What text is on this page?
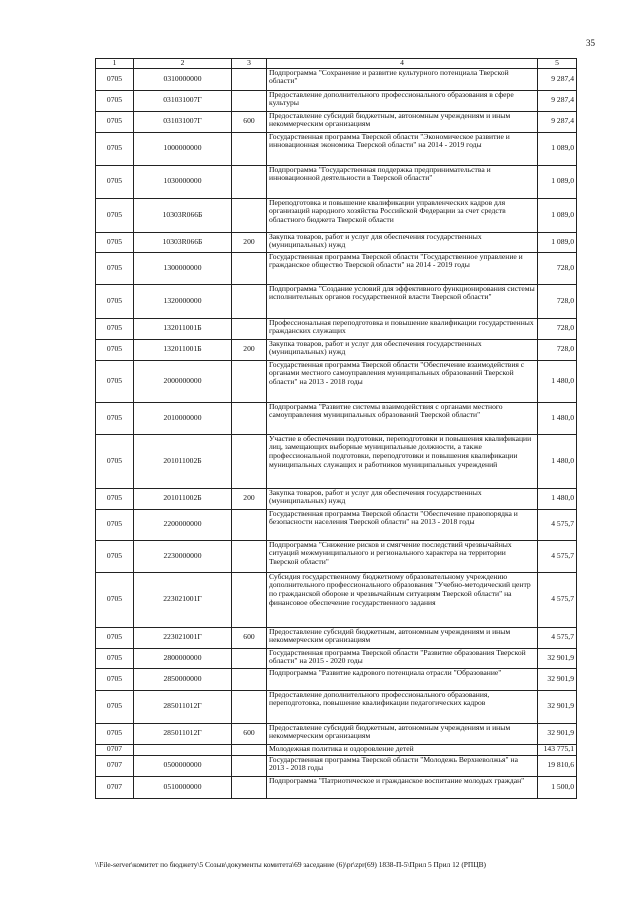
35
1	2	3	4	5
0705	0310000000		Подпрограмма "Сохранение и развитие культурного потенциала Тверской области"	9 287,4
0705	031031007Г		Предоставление дополнительного профессионального образования в сфере культуры	9 287,4
0705	031031007Г	600	Предоставление субсидий бюджетным, автономным учреждениям и иным некоммерческим организациям	9 287,4
0705	1000000000		Государственная программа Тверской области "Экономическое развитие и инновационная экономика Тверской области" на 2014 - 2019 годы	1 089,0
0705	1030000000		Подпрограмма "Государственная поддержка предпринимательства и инновационной деятельности в Тверской области"	1 089,0
0705	10303R066Б		Переподготовка и повышение квалификации управленческих кадров для организаций народного хозяйства Российской Федерации за счет средств областного бюджета Тверской области	1 089,0
0705	10303R066Б	200	Закупка товаров, работ и услуг для обеспечения государственных (муниципальных) нужд	1 089,0
0705	1300000000		Государственная программа Тверской области "Государственное управление и гражданское общество Тверской области" на 2014 - 2019 годы	728,0
0705	1320000000		Подпрограмма "Создание условий для эффективного функционирования системы исполнительных органов государственной власти Тверской области"	728,0
0705	132011001Б		Профессиональная переподготовка и повышение квалификации государственных гражданских служащих	728,0
0705	132011001Б	200	Закупка товаров, работ и услуг для обеспечения государственных (муниципальных) нужд	728,0
0705	2000000000		Государственная программа Тверской области "Обеспечение взаимодействия с органами местного самоуправления муниципальных образований Тверской области" на 2013 - 2018 годы	1 480,0
0705	2010000000		Подпрограмма "Развитие системы взаимодействия с органами местного самоуправления муниципальных образований Тверской области"	1 480,0
0705	201011002Б		Участие в обеспечении подготовки, переподготовки и повышения квалификации лиц, замещающих выборные муниципальные должности, а также профессиональной подготовки, переподготовки и повышения квалификации муниципальных служащих и работников муниципальных учреждений	1 480,0
0705	201011002Б	200	Закупка товаров, работ и услуг для обеспечения государственных (муниципальных) нужд	1 480,0
0705	2200000000		Государственная программа Тверской области "Обеспечение правопорядка и безопасности населения Тверской области" на 2013 - 2018 годы	4 575,7
0705	2230000000		Подпрограмма "Снижение рисков и смягчение последствий чрезвычайных ситуаций межмуниципального и регионального характера на территории Тверской области"	4 575,7
0705	223021001Г		Субсидия государственному бюджетному образовательному учреждению дополнительного профессионального образования "Учебно-методический центр по гражданской обороне и чрезвычайным ситуациям Тверской области" на финансовое обеспечение государственного задания	4 575,7
0705	223021001Г	600	Предоставление субсидий бюджетным, автономным учреждениям и иным некоммерческим организациям	4 575,7
0705	2800000000		Государственная программа Тверской области "Развитие образования Тверской области" на 2015 - 2020 годы	32 901,9
0705	2850000000		Подпрограмма "Развитие кадрового потенциала отрасли "Образование"	32 901,9
0705	285011012Г		Предоставление дополнительного профессионального образования, переподготовка, повышение квалификации педагогических кадров	32 901,9
0705	285011012Г	600	Предоставление субсидий бюджетным, автономным учреждениям и иным некоммерческим организациям	32 901,9
0707			Молодежная политика и оздоровление детей	143 775,1
0707	0500000000		Государственная программа Тверской области "Молодежь Верхневолжья" на 2013 - 2018 годы	19 810,6
0707	0510000000		Подпрограмма "Патриотическое и гражданское воспитание молодых граждан"	1 500,0
\\File-server\комитет по бюджету\5 Созыв\документы комитета\69 заседание (6)\pr\zpr(69) 1838-П-5\Прил 5 Прил 12 (РПЦВ)
